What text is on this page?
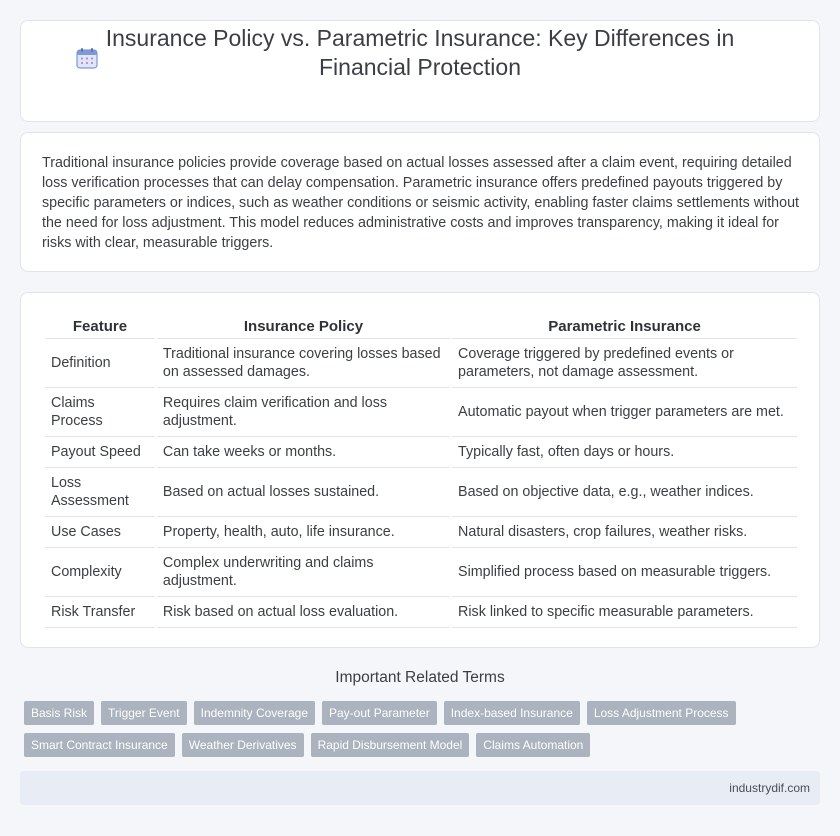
Insurance Policy vs. Parametric Insurance: Key Differences in Financial Protection

Traditional insurance policies provide coverage based on actual losses assessed after a claim event, requiring detailed loss verification processes that can delay compensation. Parametric insurance offers predefined payouts triggered by specific parameters or indices, such as weather conditions or seismic activity, enabling faster claims settlements without the need for loss adjustment. This model reduces administrative costs and improves transparency, making it ideal for risks with clear, measurable triggers.

Feature	Insurance Policy	Parametric Insurance
Definition	Traditional insurance covering losses based on assessed damages.	Coverage triggered by predefined events or parameters, not damage assessment.
Claims Process	Requires claim verification and loss adjustment.	Automatic payout when trigger parameters are met.
Payout Speed	Can take weeks or months.	Typically fast, often days or hours.
Loss Assessment	Based on actual losses sustained.	Based on objective data, e.g., weather indices.
Use Cases	Property, health, auto, life insurance.	Natural disasters, crop failures, weather risks.
Complexity	Complex underwriting and claims adjustment.	Simplified process based on measurable triggers.
Risk Transfer	Risk based on actual loss evaluation.	Risk linked to specific measurable parameters.
Important Related Terms
Basis Risk	Trigger Event	Indemnity Coverage	Pay-out Parameter	Index-based Insurance	Loss Adjustment Process
Smart Contract Insurance	Weather Derivatives	Rapid Disbursement Model	Claims Automation
industrydif.com
